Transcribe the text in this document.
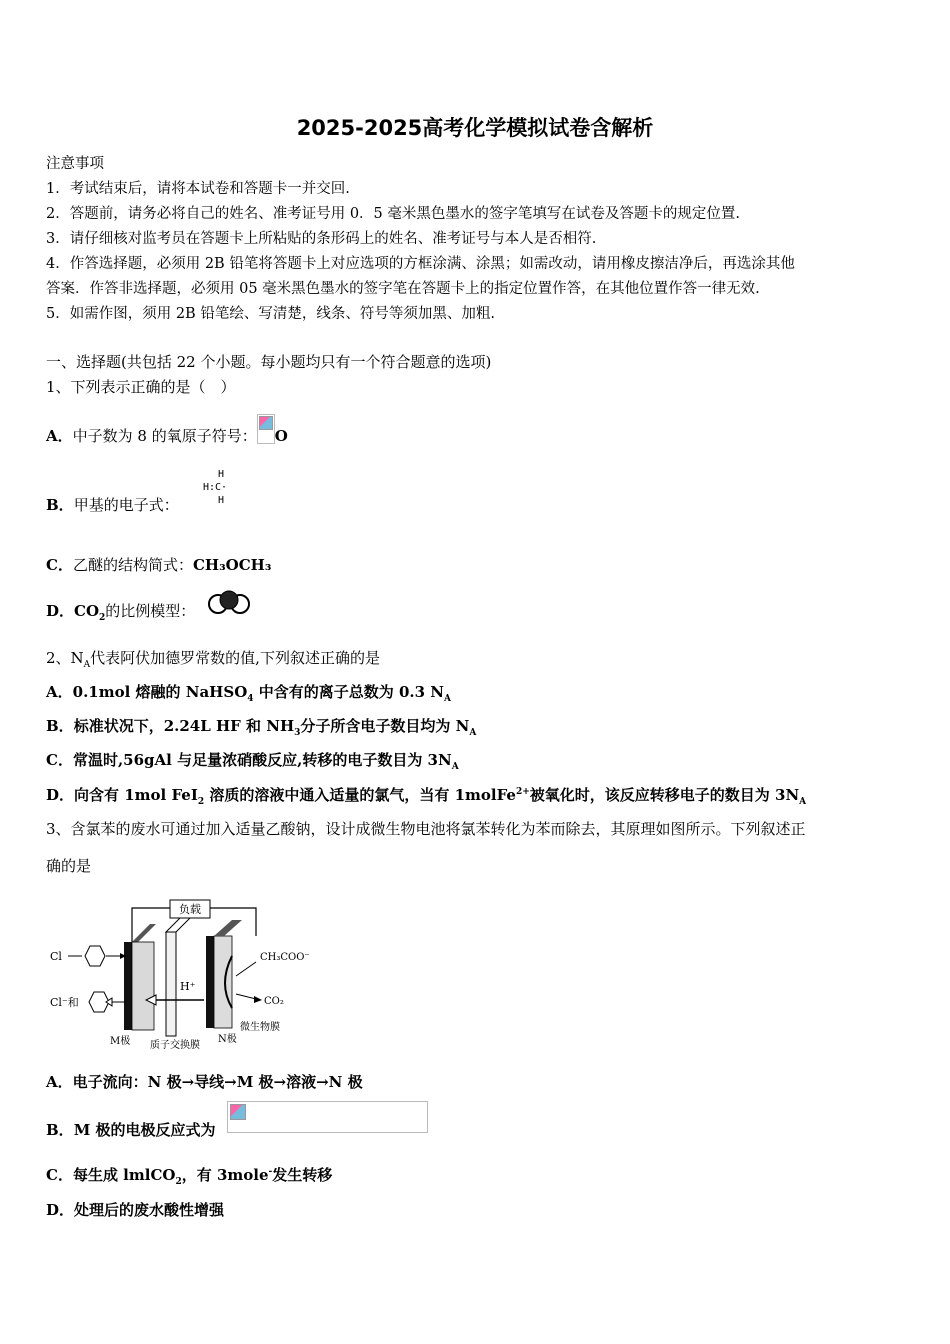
2025-2025高考化学模拟试卷含解析
注意事项
1．考试结束后，请将本试卷和答题卡一并交回.
2．答题前，请务必将自己的姓名、准考证号用 0．5 毫米黑色墨水的签字笔填写在试卷及答题卡的规定位置.
3．请仔细核对监考员在答题卡上所粘贴的条形码上的姓名、准考证号与本人是否相符.
4．作答选择题，必须用 2B 铅笔将答题卡上对应选项的方框涂满、涂黑；如需改动，请用橡皮擦洁净后，再选涂其他
答案．作答非选择题，必须用 05 毫米黑色墨水的签字笔在答题卡上的指定位置作答，在其他位置作答一律无效.
5．如需作图，须用 2B 铅笔绘、写清楚，线条、符号等须加黑、加粗.
一、选择题(共包括 22 个小题。每小题均只有一个符合题意的选项)
1、下列表示正确的是（　）
A．中子数为 8 的氧原子符号： O
B．甲基的电子式：
H
H:C·
H
C．乙醚的结构简式：CH₃OCH₃
D．$CO_2$的比例模型：
2、$N_A$代表阿伏加德罗常数的值,下列叙述正确的是
A．0.1mol 熔融的 NaHSO$_4$ 中含有的离子总数为 0.3 $N_A$
B．标准状况下，2.24L HF 和 $NH_3$分子所含电子数目均为 $N_A$
C．常温时,56gAl 与足量浓硝酸反应,转移的电子数目为 $3N_A$
D．向含有 1mol FeI$_2$ 溶质的溶液中通入适量的氯气，当有 1molFe$^{2+}$被氧化时，该反应转移电子的数目为 $3N_A$
3、含氯苯的废水可通过加入适量乙酸钠，设计成微生物电池将氯苯转化为苯而除去，其原理如图所示。下列叙述正
确的是
负载
Cl
Cl⁻和
H⁺
CH₃COO⁻
CO₂
M极 质子交换膜
N极
微生物膜
A．电子流向：N 极→导线→M 极→溶液→N 极
B．M 极的电极反应式为
C．每生成 lmlCO$_2$，有 3mole-发生转移
D．处理后的废水酸性增强
